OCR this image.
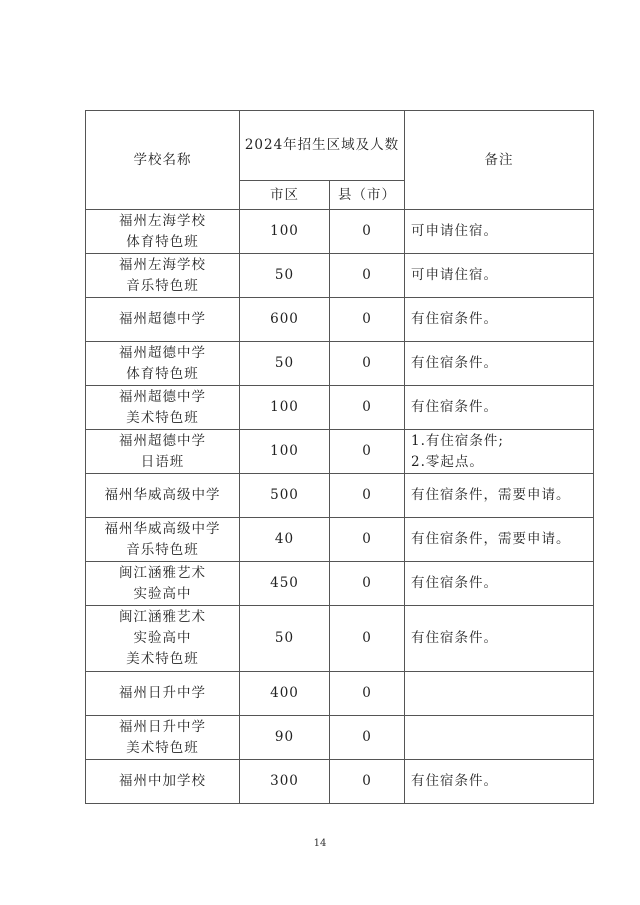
学校名称	2024年招生区域及人数		备注
	市区	县（市）	

福州左海学校
体育特色班	100	0	可申请住宿。

福州左海学校
音乐特色班	50	0	可申请住宿。

福州超德中学	600	0	有住宿条件。

福州超德中学
体育特色班	50	0	有住宿条件。

福州超德中学
美术特色班	100	0	有住宿条件。

福州超德中学
日语班	100	0	1.有住宿条件;
2.零起点。

福州华威高级中学	500	0	有住宿条件，需要申请。

福州华威高级中学
音乐特色班	40	0	有住宿条件，需要申请。

闽江涵雅艺术
实验高中	450	0	有住宿条件。

闽江涵雅艺术
实验高中
美术特色班	50	0	有住宿条件。

福州日升中学	400	0	

福州日升中学
美术特色班	90	0	

福州中加学校	300	0	有住宿条件。
14
